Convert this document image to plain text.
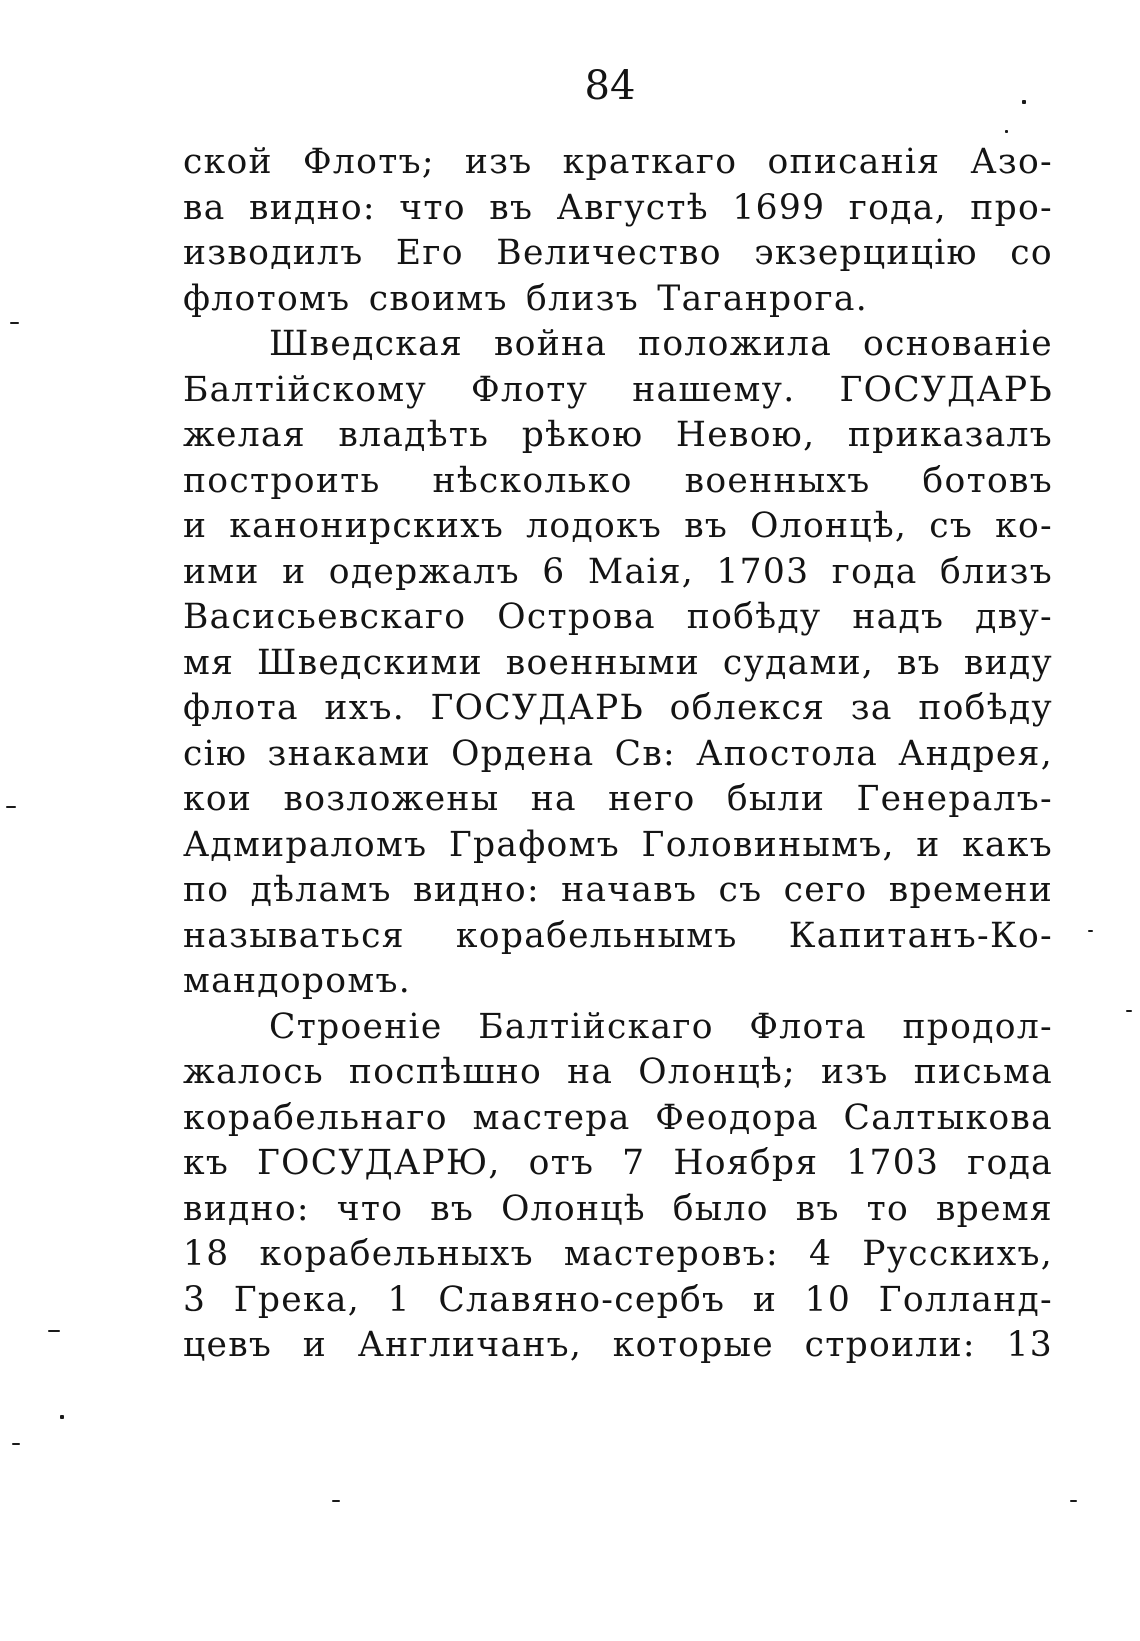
84
ской Флотъ; изъ краткаго описанія Азо-
ва видно: что въ Августѣ 1699 года, про-
изводилъ Его Величество экзерцицію со
флотомъ своимъ близъ Таганрога.
Шведская война положила основаніе
Балтійскому Флоту нашему. ГОСУДАРЬ
желая владѣть рѣкою Невою, приказалъ
построить нѣсколько военныхъ ботовъ
и канонирскихъ лодокъ въ Олонцѣ, съ ко-
ими и одержалъ 6 Маія, 1703 года близъ
Васисьевскаго Острова побѣду надъ дву-
мя Шведскими военными судами, въ виду
флота ихъ. ГОСУДАРЬ облекся за побѣду
сію знаками Ордена Св: Апостола Андрея,
кои возложены на него были Генералъ-
Адмираломъ Графомъ Головинымъ, и какъ
по дѣламъ видно: начавъ съ сего времени
называться корабельнымъ Капитанъ-Ко-
мандоромъ.
Строеніе Балтійскаго Флота продол-
жалось поспѣшно на Олонцѣ; изъ письма
корабельнаго мастера Феодора Салтыкова
къ ГОСУДАРЮ, отъ 7 Ноября 1703 года
видно: что въ Олонцѣ было въ то время
18 корабельныхъ мастеровъ: 4 Русскихъ,
3 Грека, 1 Славяно-сербъ и 10 Голланд-
цевъ и Англичанъ, которые строили: 13
